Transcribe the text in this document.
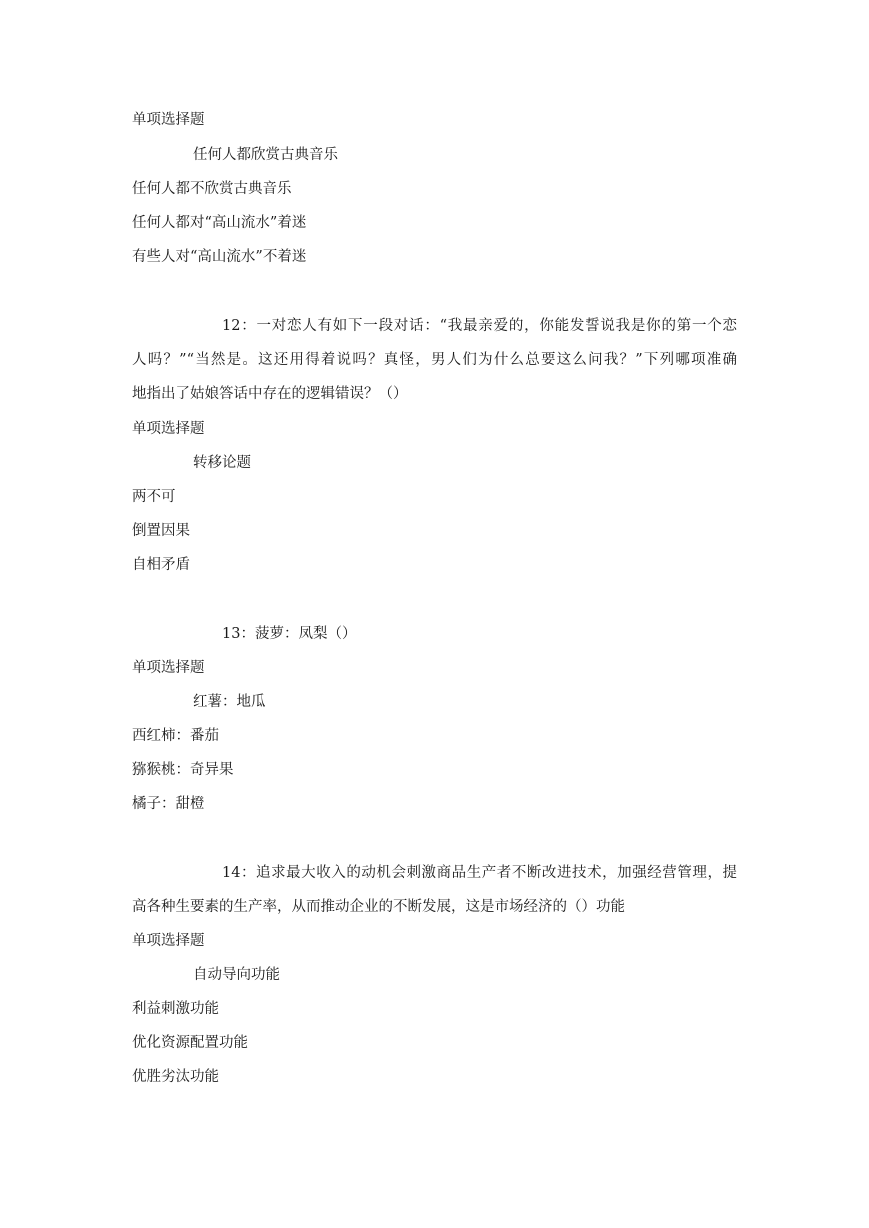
单项选择题
任何人都欣赏古典音乐
任何人都不欣赏古典音乐
任何人都对“高山流水”着迷
有些人对“高山流水”不着迷
12：一对恋人有如下一段对话：“我最亲爱的，你能发誓说我是你的第一个恋
人吗？”“当然是。这还用得着说吗？真怪，男人们为什么总要这么问我？”下列哪项准确
地指出了姑娘答话中存在的逻辑错误？（）
单项选择题
转移论题
两不可
倒置因果
自相矛盾
13：菠萝：凤梨（）
单项选择题
红薯：地瓜
西红柿：番茄
猕猴桃：奇异果
橘子：甜橙
14：追求最大收入的动机会刺激商品生产者不断改进技术，加强经营管理，提
高各种生要素的生产率，从而推动企业的不断发展，这是市场经济的（）功能
单项选择题
自动导向功能
利益刺激功能
优化资源配置功能
优胜劣汰功能
